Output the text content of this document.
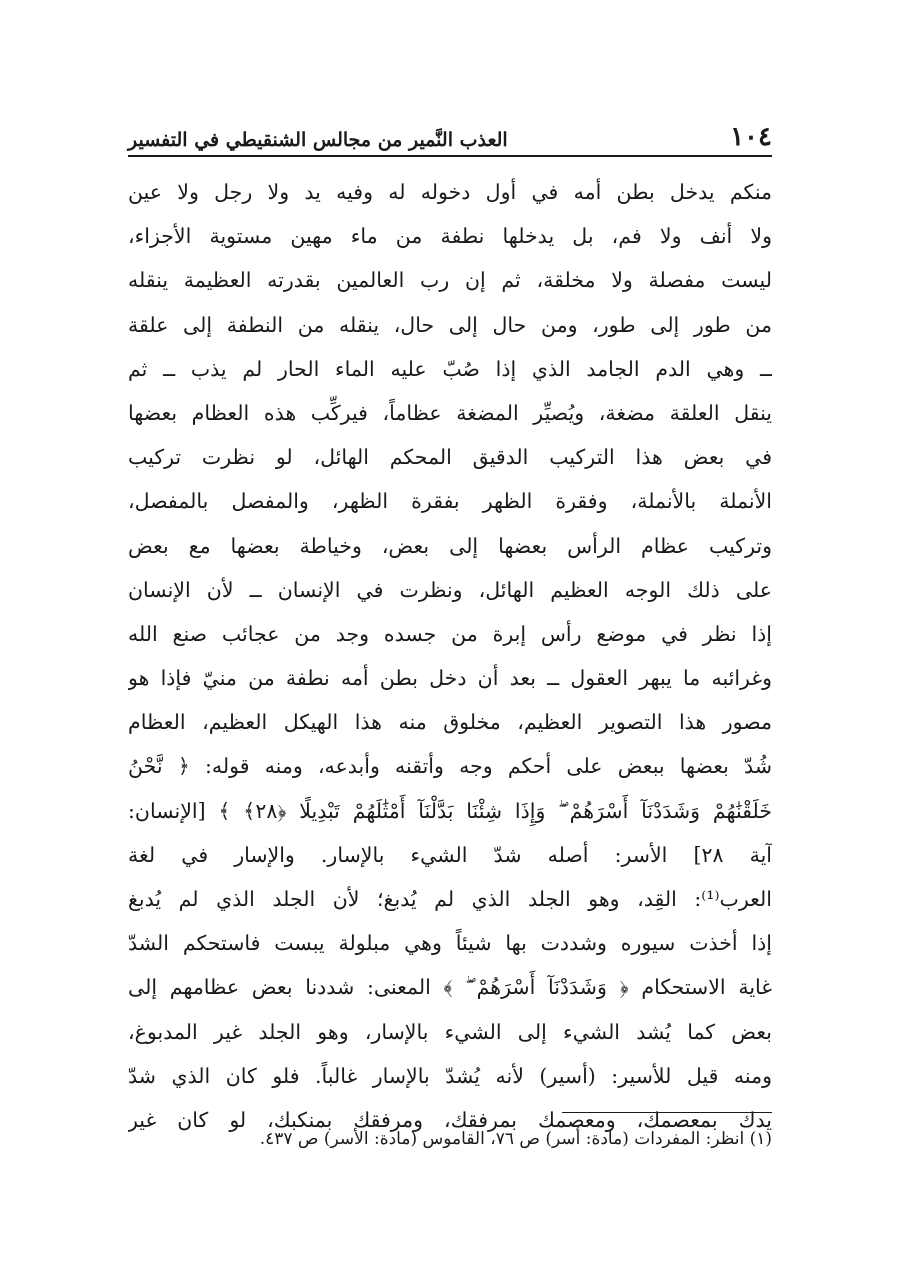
١٠٤
العذب النَّمير من مجالس الشنقيطي في التفسير
منكم يدخل بطن أمه في أول دخوله له وفيه يد ولا رجل ولا عين
ولا أنف ولا فم، بل يدخلها نطفة من ماء مهين مستوية الأجزاء،
ليست مفصلة ولا مخلقة، ثم إن رب العالمين بقدرته العظيمة ينقله
من طور إلى طور، ومن حال إلى حال، ينقله من النطفة إلى علقة
ــ وهي الدم الجامد الذي إذا صُبّ عليه الماء الحار لم يذب ــ ثم
ينقل العلقة مضغة، ويُصيِّر المضغة عظاماً، فيركِّب هذه العظام بعضها
في بعض هذا التركيب الدقيق المحكم الهائل، لو نظرت تركيب
الأنملة بالأنملة، وفقرة الظهر بفقرة الظهر، والمفصل بالمفصل،
وتركيب عظام الرأس بعضها إلى بعض، وخياطة بعضها مع بعض
على ذلك الوجه العظيم الهائل، ونظرت في الإنسان ــ لأن الإنسان
إذا نظر في موضع رأس إبرة من جسده وجد من عجائب صنع الله
وغرائبه ما يبهر العقول ــ بعد أن دخل بطن أمه نطفة من منيّ فإذا هو
مصور هذا التصوير العظيم، مخلوق منه هذا الهيكل العظيم، العظام
شُدّ بعضها ببعض على أحكم وجه وأتقنه وأبدعه، ومنه قوله: ﴿ نَّحْنُ
خَلَقْنَٰهُمْ وَشَدَدْنَآ أَسْرَهُمْ ۖ وَإِذَا شِئْنَا بَدَّلْنَآ أَمْثَٰلَهُمْ تَبْدِيلًا ﴿٢٨﴾ ﴾ [الإنسان:
آية ٢٨] الأسر: أصله شدّ الشيء بالإسار. والإسار في لغة
العرب⁽¹⁾: القِد، وهو الجلد الذي لم يُدبغ؛ لأن الجلد الذي لم يُدبغ
إذا أخذت سيوره وشددت بها شيئاً وهي مبلولة يبست فاستحكم الشدّ
غاية الاستحكام ﴿ وَشَدَدْنَآ أَسْرَهُمْ ۖ ﴾ المعنى: شددنا بعض عظامهم إلى
بعض كما يُشد الشيء إلى الشيء بالإسار، وهو الجلد غير المدبوغ،
ومنه قيل للأسير: (أسير) لأنه يُشدّ بالإسار غالباً. فلو كان الذي شدّ
يدك بمعصمك، ومعصمك بمرفقك، ومرفقك بمنكبك، لو كان غير
(١) انظر: المفردات (مادة: أسر) ص ٧٦، القاموس (مادة: الأسر) ص ٤٣٧.
